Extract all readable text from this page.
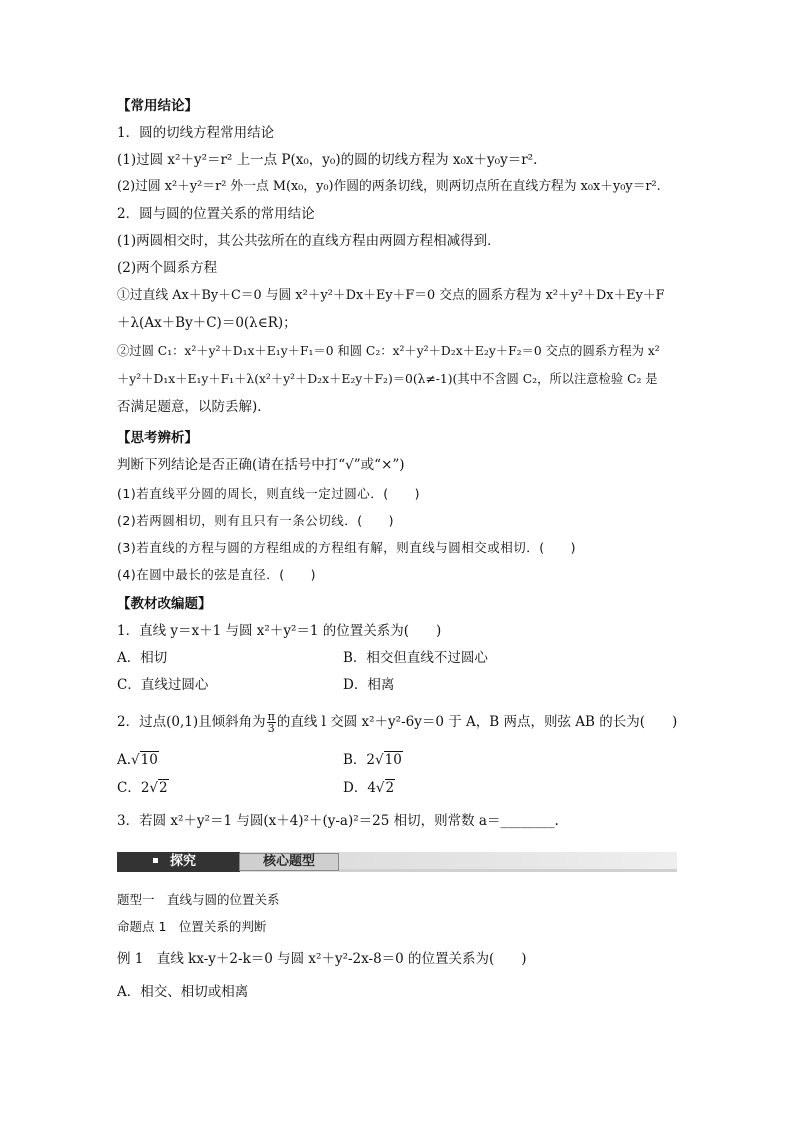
【常用结论】
1．圆的切线方程常用结论
(1)过圆 x²＋y²＝r² 上一点 P(x₀，y₀)的圆的切线方程为 x₀x＋y₀y＝r².
(2)过圆 x²＋y²＝r² 外一点 M(x₀，y₀)作圆的两条切线，则两切点所在直线方程为 x₀x＋y₀y＝r².
2．圆与圆的位置关系的常用结论
(1)两圆相交时，其公共弦所在的直线方程由两圆方程相减得到．
(2)两个圆系方程
①过直线 Ax＋By＋C＝0 与圆 x²＋y²＋Dx＋Ey＋F＝0 交点的圆系方程为 x²＋y²＋Dx＋Ey＋F
＋λ(Ax＋By＋C)＝0(λ∈R)；
②过圆 C₁：x²＋y²＋D₁x＋E₁y＋F₁＝0 和圆 C₂：x²＋y²＋D₂x＋E₂y＋F₂＝0 交点的圆系方程为 x²
＋y²＋D₁x＋E₁y＋F₁＋λ(x²＋y²＋D₂x＋E₂y＋F₂)＝0(λ≠-1)(其中不含圆 C₂，所以注意检验 C₂ 是
否满足题意，以防丢解)．
【思考辨析】
判断下列结论是否正确(请在括号中打“√”或“×”)
(1)若直线平分圆的周长，则直线一定过圆心．(　　)
(2)若两圆相切，则有且只有一条公切线．(　　)
(3)若直线的方程与圆的方程组成的方程组有解，则直线与圆相交或相切．(　　)
(4)在圆中最长的弦是直径．(　　)
【教材改编题】
1．直线 y＝x＋1 与圆 x²＋y²＝1 的位置关系为(　　)
A．相切	B．相交但直线不过圆心
C．直线过圆心	D．相离
2．过点(0,1)且倾斜角为 $\frac{\pi}{3}$ 的直线 l 交圆 x²＋y²-6y＝0 于 A，B 两点，则弦 AB 的长为(　　)
A.√10	B．2√10
C．2√2	D．4√2
3．若圆 x²＋y²＝1 与圆(x＋4)²＋(y-a)²＝25 相切，则常数 a＝________.
探究	核心题型
题型一　直线与圆的位置关系
命题点 1　位置关系的判断
例 1　直线 kx-y＋2-k＝0 与圆 x²＋y²-2x-8＝0 的位置关系为(　　)
A．相交、相切或相离
